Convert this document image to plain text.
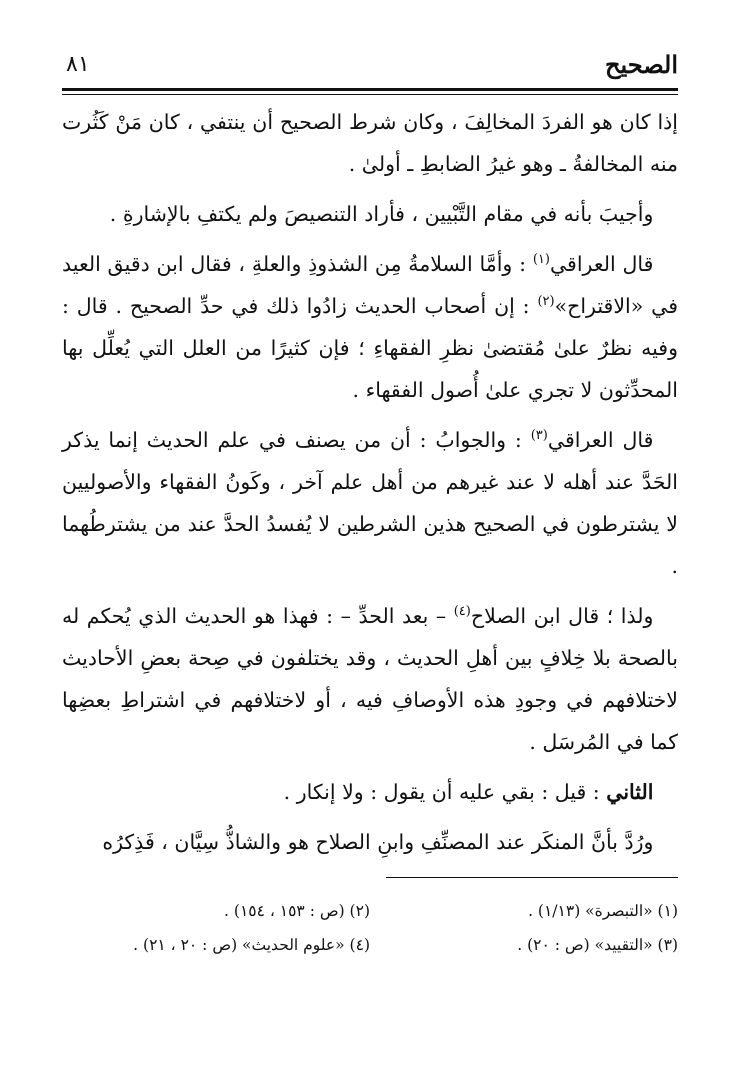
الصحيح
٨١

إذا كان هو الفردَ المخالِفَ ، وكان شرط الصحيح أن ينتفي ، كان مَنْ كَثُرت منه المخالفةُ ـ وهو غيرُ الضابطِ ـ أولىٰ .

وأجيبَ بأنه في مقام التَّبْيين ، فأراد التنصيصَ ولم يكتفِ بالإشارةِ .

قال العراقي$^{(١)}$ : وأمَّا السلامةُ مِن الشذوذِ والعلةِ ، فقال ابن دقيق العيد في «الاقتراح»$^{(٢)}$ : إن أصحاب الحديث زادُوا ذلك في حدِّ الصحيح . قال : وفيه نظرٌ علىٰ مُقتضىٰ نظرِ الفقهاءِ ؛ فإن كثيرًا من العلل التي يُعلِّل بها المحدِّثون لا تجري علىٰ أُصول الفقهاء .

قال العراقي$^{(٣)}$ : والجوابُ : أن من يصنف في علم الحديث إنما يذكر الحَدَّ عند أهله لا عند غيرهم من أهل علم آخر ، وكَونُ الفقهاء والأصوليين لا يشترطون في الصحيح هذين الشرطين لا يُفسدُ الحدَّ عند من يشترطُهما .

ولذا ؛ قال ابن الصلاح$^{(٤)}$ – بعد الحدِّ – : فهذا هو الحديث الذي يُحكم له بالصحة بلا خِلافٍ بين أهلِ الحديث ، وقد يختلفون في صِحة بعضِ الأحاديث لاختلافهم في وجودِ هذه الأوصافِ فيه ، أو لاختلافهم في اشتراطِ بعضِها كما في المُرسَل .

الثاني : قيل : بقي عليه أن يقول : ولا إنكار .

ورُدَّ بأنَّ المنكَر عند المصنِّفِ وابنِ الصلاح هو والشاذُّ سِيَّان ، فَذِكرُه

(١) «التبصرة» (١/١٣) .
(٢) (ص : ١٥٣ ، ١٥٤) .
(٣) «التقييد» (ص : ٢٠) .
(٤) «علوم الحديث» (ص : ٢٠ ، ٢١) .
